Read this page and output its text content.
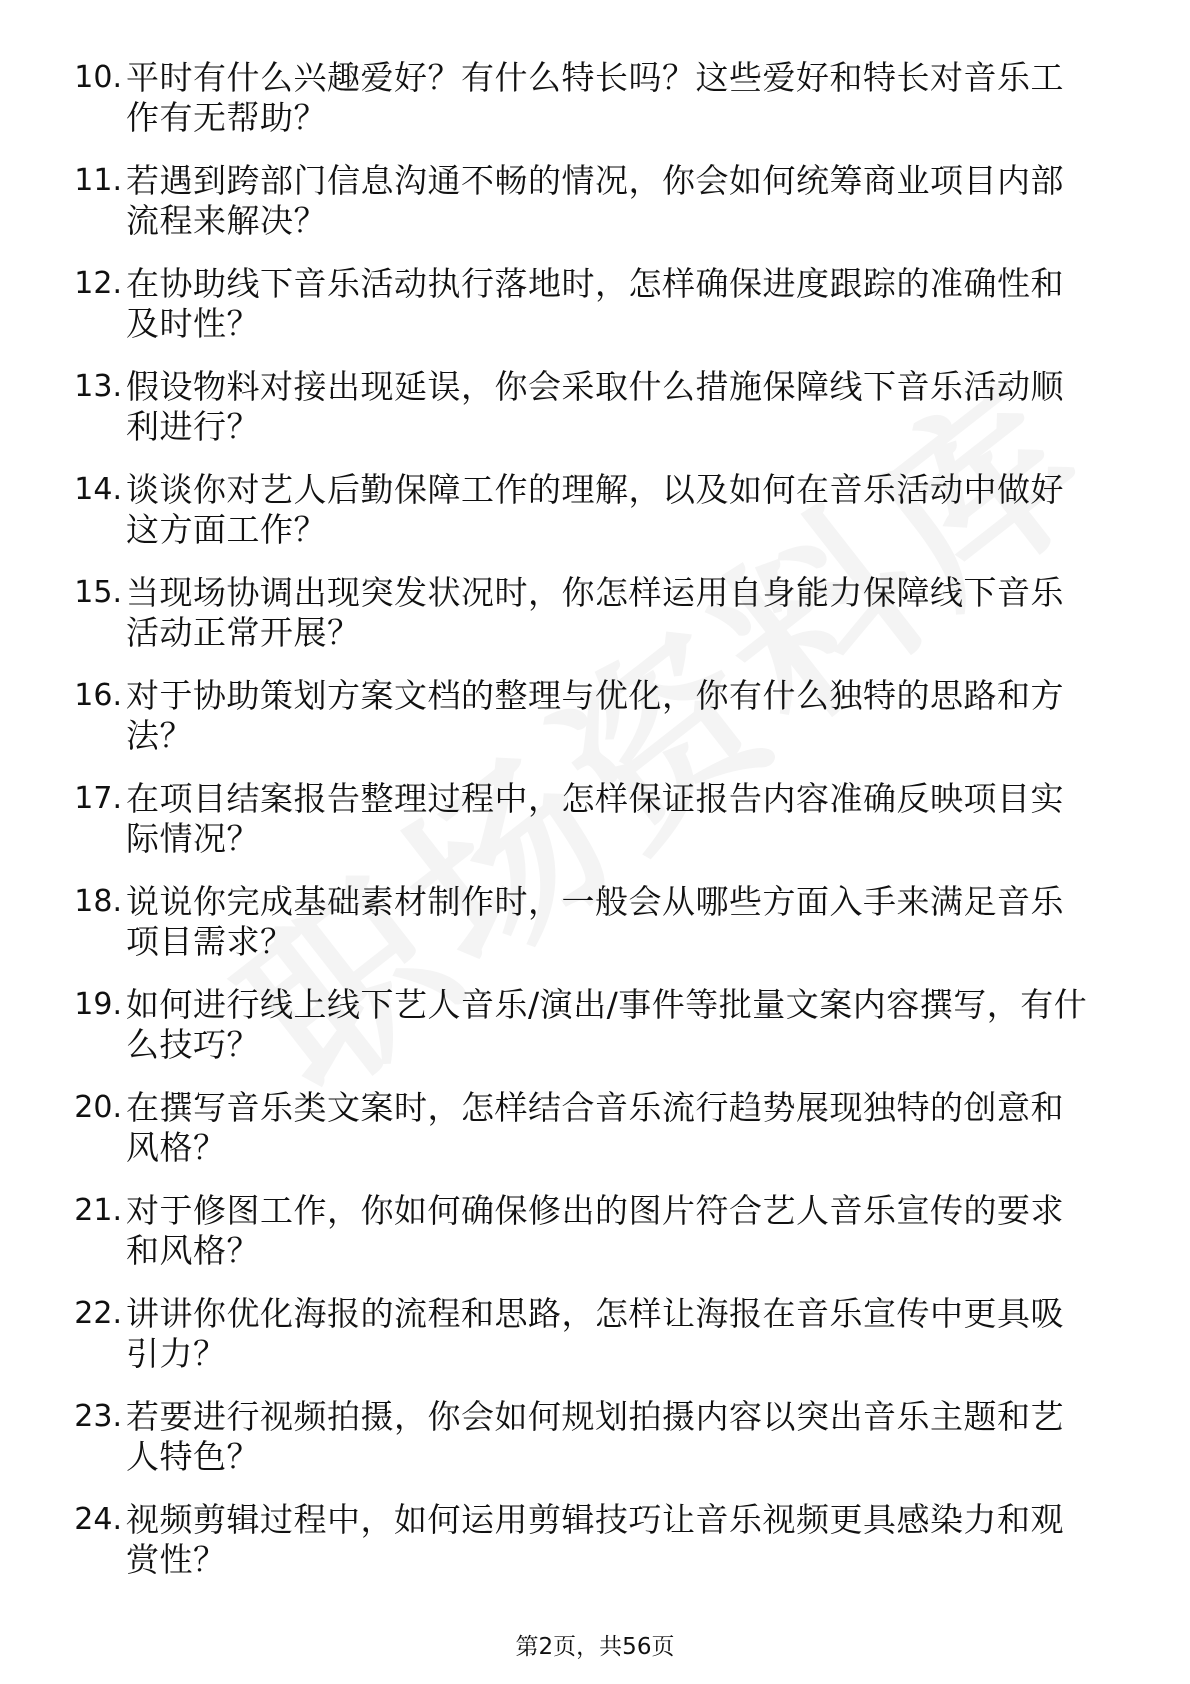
10. 平时有什么兴趣爱好？有什么特长吗？这些爱好和特长对音乐工
作有无帮助？
11. 若遇到跨部门信息沟通不畅的情况，你会如何统筹商业项目内部
流程来解决？
12. 在协助线下音乐活动执行落地时，怎样确保进度跟踪的准确性和
及时性？
13. 假设物料对接出现延误，你会采取什么措施保障线下音乐活动顺
利进行？
14. 谈谈你对艺人后勤保障工作的理解，以及如何在音乐活动中做好
这方面工作？
15. 当现场协调出现突发状况时，你怎样运用自身能力保障线下音乐
活动正常开展？
16. 对于协助策划方案文档的整理与优化，你有什么独特的思路和方
法？
17. 在项目结案报告整理过程中，怎样保证报告内容准确反映项目实
际情况？
18. 说说你完成基础素材制作时，一般会从哪些方面入手来满足音乐
项目需求？
19. 如何进行线上线下艺人音乐/演出/事件等批量文案内容撰写，有什
么技巧？
20. 在撰写音乐类文案时，怎样结合音乐流行趋势展现独特的创意和
风格？
21. 对于修图工作，你如何确保修出的图片符合艺人音乐宣传的要求
和风格？
22. 讲讲你优化海报的流程和思路，怎样让海报在音乐宣传中更具吸
引力？
23. 若要进行视频拍摄，你会如何规划拍摄内容以突出音乐主题和艺
人特色？
24. 视频剪辑过程中，如何运用剪辑技巧让音乐视频更具感染力和观
赏性？
第2页，共56页
